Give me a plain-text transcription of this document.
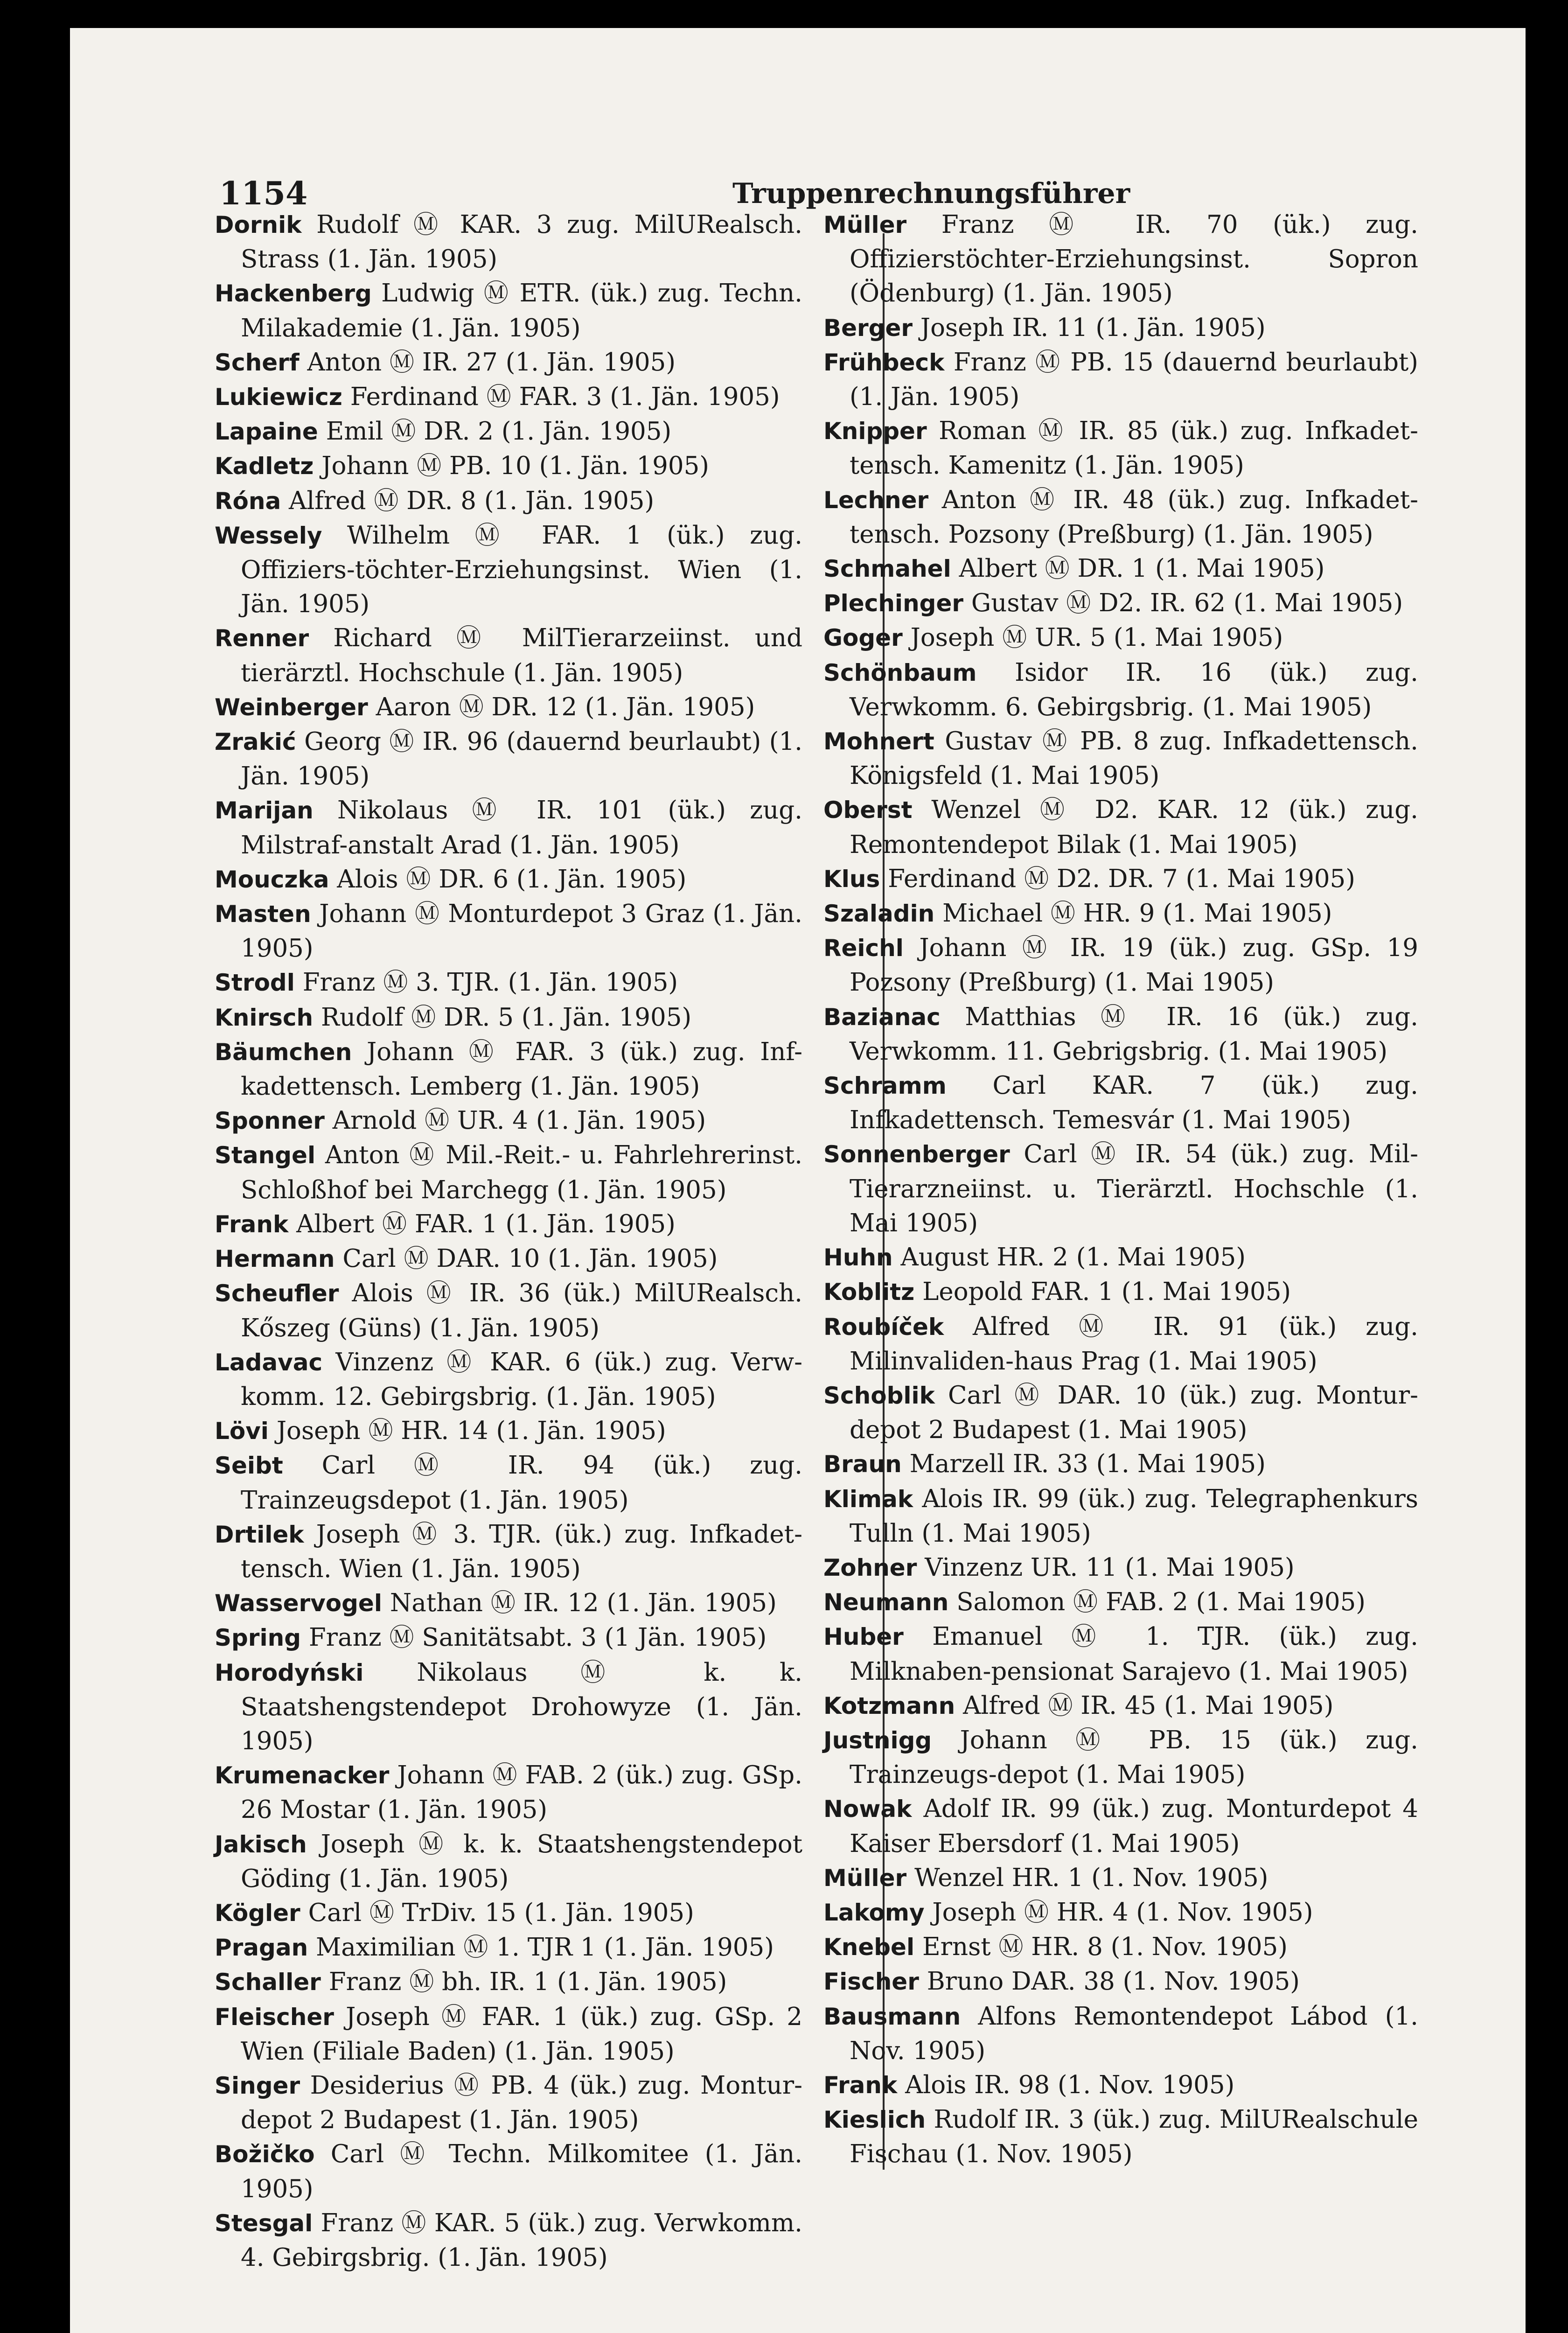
1154	Truppenrechnungsführer

Dornik Rudolf Ⓜ KAR. 3 zug. MilURealsch. Strass (1. Jän. 1905)

Hackenberg Ludwig Ⓜ ETR. (ük.) zug. Techn. Milakademie (1. Jän. 1905)

Scherf Anton Ⓜ IR. 27 (1. Jän. 1905)

Lukiewicz Ferdinand Ⓜ FAR. 3 (1. Jän. 1905)

Lapaine Emil Ⓜ DR. 2 (1. Jän. 1905)

Kadletz Johann Ⓜ PB. 10 (1. Jän. 1905)

Róna Alfred Ⓜ DR. 8 (1. Jän. 1905)

Wessely Wilhelm Ⓜ FAR. 1 (ük.) zug. Offiziers-töchter-Erziehungsinst. Wien (1. Jän. 1905)

Renner Richard Ⓜ MilTierarzeiinst. und tierärztl. Hochschule (1. Jän. 1905)

Weinberger Aaron Ⓜ DR. 12 (1. Jän. 1905)

Zrakić Georg Ⓜ IR. 96 (dauernd beurlaubt) (1. Jän. 1905)

Marijan Nikolaus Ⓜ IR. 101 (ük.) zug. Milstraf-anstalt Arad (1. Jän. 1905)

Mouczka Alois Ⓜ DR. 6 (1. Jän. 1905)

Masten Johann Ⓜ Monturdepot 3 Graz (1. Jän. 1905)

Strodl Franz Ⓜ 3. TJR. (1. Jän. 1905)

Knirsch Rudolf Ⓜ DR. 5 (1. Jän. 1905)

Bäumchen Johann Ⓜ FAR. 3 (ük.) zug. Inf-kadettensch. Lemberg (1. Jän. 1905)

Sponner Arnold Ⓜ UR. 4 (1. Jän. 1905)

Stangel Anton Ⓜ Mil.-Reit.- u. Fahrlehrerinst. Schloßhof bei Marchegg (1. Jän. 1905)

Frank Albert Ⓜ FAR. 1 (1. Jän. 1905)

Hermann Carl Ⓜ DAR. 10 (1. Jän. 1905)

Scheufler Alois Ⓜ IR. 36 (ük.) MilURealsch. Kőszeg (Güns) (1. Jän. 1905)

Ladavac Vinzenz Ⓜ KAR. 6 (ük.) zug. Verw-komm. 12. Gebirgsbrig. (1. Jän. 1905)

Lövi Joseph Ⓜ HR. 14 (1. Jän. 1905)

Seibt Carl Ⓜ IR. 94 (ük.) zug. Trainzeugsdepot (1. Jän. 1905)

Drtilek Joseph Ⓜ 3. TJR. (ük.) zug. Infkadet-tensch. Wien (1. Jän. 1905)

Wasservogel Nathan Ⓜ IR. 12 (1. Jän. 1905)

Spring Franz Ⓜ Sanitätsabt. 3 (1 Jän. 1905)

Horodyński Nikolaus Ⓜ k. k. Staatshengstendepot Drohowyze (1. Jän. 1905)

Krumenacker Johann Ⓜ FAB. 2 (ük.) zug. GSp. 26 Mostar (1. Jän. 1905)

Jakisch Joseph Ⓜ k. k. Staatshengstendepot Göding (1. Jän. 1905)

Kögler Carl Ⓜ TrDiv. 15 (1. Jän. 1905)

Pragan Maximilian Ⓜ 1. TJR 1 (1. Jän. 1905)

Schaller Franz Ⓜ bh. IR. 1 (1. Jän. 1905)

Fleischer Joseph Ⓜ FAR. 1 (ük.) zug. GSp. 2 Wien (Filiale Baden) (1. Jän. 1905)

Singer Desiderius Ⓜ PB. 4 (ük.) zug. Montur-depot 2 Budapest (1. Jän. 1905)

Božičko Carl Ⓜ Techn. Milkomitee (1. Jän. 1905)

Stesgal Franz Ⓜ KAR. 5 (ük.) zug. Verwkomm. 4. Gebirgsbrig. (1. Jän. 1905)

Müller Franz Ⓜ IR. 70 (ük.) zug. Offizierstöchter-Erziehungsinst. Sopron (Ödenburg) (1. Jän. 1905)

Berger Joseph IR. 11 (1. Jän. 1905)

Frühbeck Franz Ⓜ PB. 15 (dauernd beurlaubt) (1. Jän. 1905)

Knipper Roman Ⓜ IR. 85 (ük.) zug. Infkadet-tensch. Kamenitz (1. Jän. 1905)

Lechner Anton Ⓜ IR. 48 (ük.) zug. Infkadet-tensch. Pozsony (Preßburg) (1. Jän. 1905)

Schmahel Albert Ⓜ DR. 1 (1. Mai 1905)

Plechinger Gustav Ⓜ D2. IR. 62 (1. Mai 1905)

Goger Joseph Ⓜ UR. 5 (1. Mai 1905)

Schönbaum Isidor IR. 16 (ük.) zug. Verwkomm. 6. Gebirgsbrig. (1. Mai 1905)

Mohnert Gustav Ⓜ PB. 8 zug. Infkadettensch. Königsfeld (1. Mai 1905)

Oberst Wenzel Ⓜ D2. KAR. 12 (ük.) zug. Remontendepot Bilak (1. Mai 1905)

Klus Ferdinand Ⓜ D2. DR. 7 (1. Mai 1905)

Szaladin Michael Ⓜ HR. 9 (1. Mai 1905)

Reichl Johann Ⓜ IR. 19 (ük.) zug. GSp. 19 Pozsony (Preßburg) (1. Mai 1905)

Bazianac Matthias Ⓜ IR. 16 (ük.) zug. Verwkomm. 11. Gebrigsbrig. (1. Mai 1905)

Schramm Carl KAR. 7 (ük.) zug. Infkadettensch. Temesvár (1. Mai 1905)

Sonnenberger Carl Ⓜ IR. 54 (ük.) zug. Mil-Tierarzneiinst. u. Tierärztl. Hochschle (1. Mai 1905)

Huhn August HR. 2 (1. Mai 1905)

Koblitz Leopold FAR. 1 (1. Mai 1905)

Roubíček Alfred Ⓜ IR. 91 (ük.) zug. Milinvaliden-haus Prag (1. Mai 1905)

Schoblik Carl Ⓜ DAR. 10 (ük.) zug. Montur-depot 2 Budapest (1. Mai 1905)

Braun Marzell IR. 33 (1. Mai 1905)

Klimak Alois IR. 99 (ük.) zug. Telegraphenkurs Tulln (1. Mai 1905)

Zohner Vinzenz UR. 11 (1. Mai 1905)

Neumann Salomon Ⓜ FAB. 2 (1. Mai 1905)

Huber Emanuel Ⓜ 1. TJR. (ük.) zug. Milknaben-pensionat Sarajevo (1. Mai 1905)

Kotzmann Alfred Ⓜ IR. 45 (1. Mai 1905)

Justnigg Johann Ⓜ PB. 15 (ük.) zug. Trainzeugs-depot (1. Mai 1905)

Nowak Adolf IR. 99 (ük.) zug. Monturdepot 4 Kaiser Ebersdorf (1. Mai 1905)

Müller Wenzel HR. 1 (1. Nov. 1905)

Lakomy Joseph Ⓜ HR. 4 (1. Nov. 1905)

Knebel Ernst Ⓜ HR. 8 (1. Nov. 1905)

Fischer Bruno DAR. 38 (1. Nov. 1905)

Bausmann Alfons Remontendepot Lábod (1. Nov. 1905)

Frank Alois IR. 98 (1. Nov. 1905)

Kieslich Rudolf IR. 3 (ük.) zug. MilURealschule Fischau (1. Nov. 1905)
